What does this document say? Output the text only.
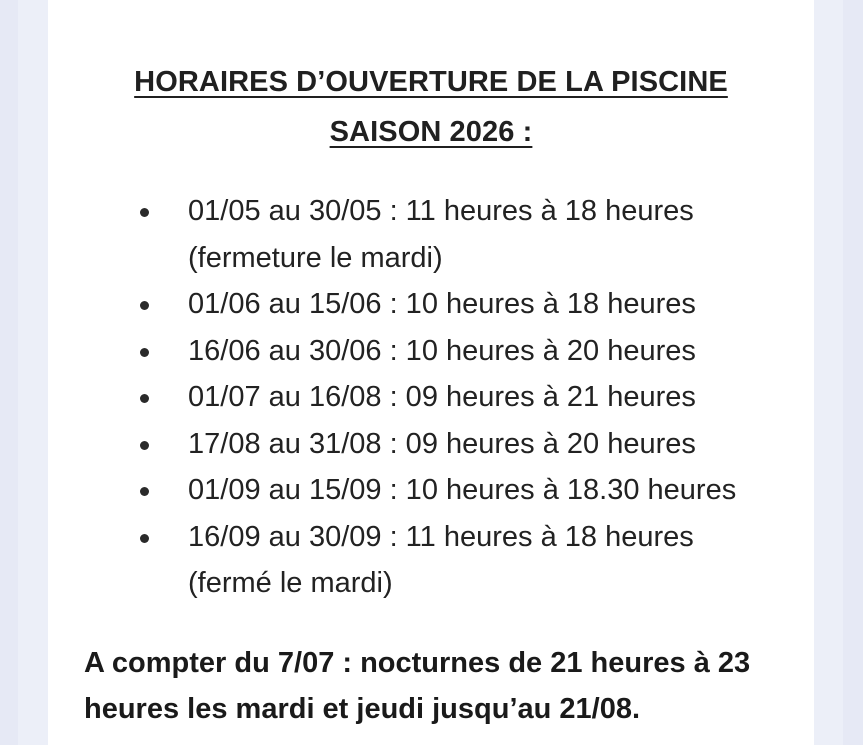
HORAIRES D’OUVERTURE DE LA PISCINE
SAISON 2026 :
01/05 au 30/05 : 11 heures à 18 heures
(fermeture le mardi)
01/06 au 15/06 : 10 heures à 18 heures
16/06 au 30/06 : 10 heures à 20 heures
01/07 au 16/08 : 09 heures à 21 heures
17/08 au 31/08 : 09 heures à 20 heures
01/09 au 15/09 : 10 heures à 18.30 heures
16/09 au 30/09 : 11 heures à 18 heures
(fermé le mardi)
A compter du 7/07 : nocturnes de 21 heures à 23
heures les mardi et jeudi jusqu’au 21/08.
